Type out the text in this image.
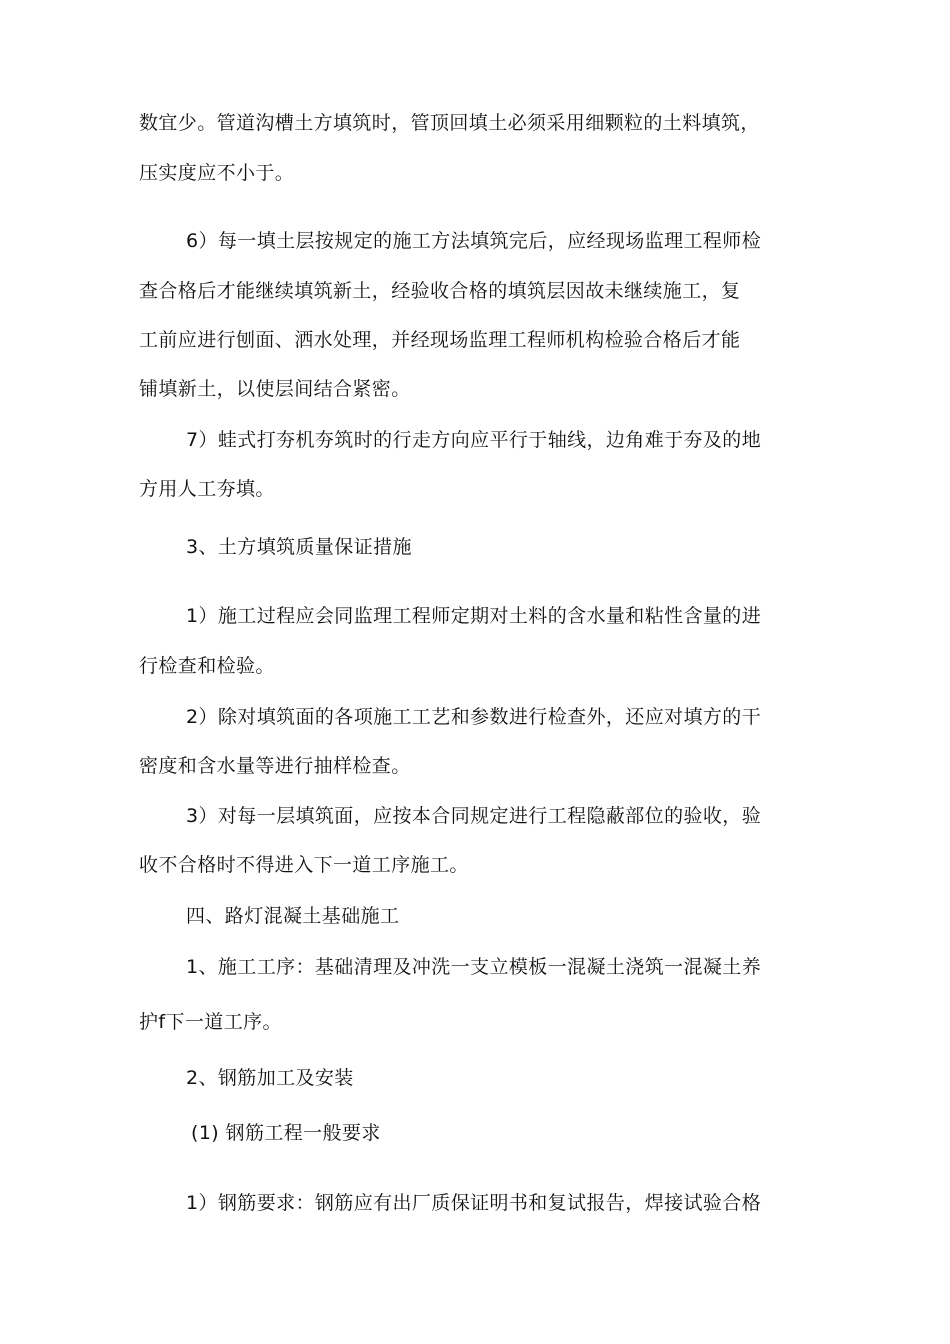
数宜少。管道沟槽土方填筑时，管顶回填土必须采用细颗粒的土料填筑，
压实度应不小于。
6）每一填土层按规定的施工方法填筑完后，应经现场监理工程师检
查合格后才能继续填筑新土，经验收合格的填筑层因故未继续施工，复
工前应进行刨面、洒水处理，并经现场监理工程师机构检验合格后才能
铺填新土，以使层间结合紧密。
7）蛙式打夯机夯筑时的行走方向应平行于轴线，边角难于夯及的地
方用人工夯填。
3、土方填筑质量保证措施
1）施工过程应会同监理工程师定期对土料的含水量和粘性含量的进
行检查和检验。
2）除对填筑面的各项施工工艺和参数进行检查外，还应对填方的干
密度和含水量等进行抽样检查。
3）对每一层填筑面，应按本合同规定进行工程隐蔽部位的验收，验
收不合格时不得进入下一道工序施工。
四、路灯混凝土基础施工
1、施工工序：基础清理及冲洗一支立模板一混凝土浇筑一混凝土养
护f下一道工序。
2、钢筋加工及安装
(1) 钢筋工程一般要求
1）钢筋要求：钢筋应有出厂质保证明书和复试报告，焊接试验合格
